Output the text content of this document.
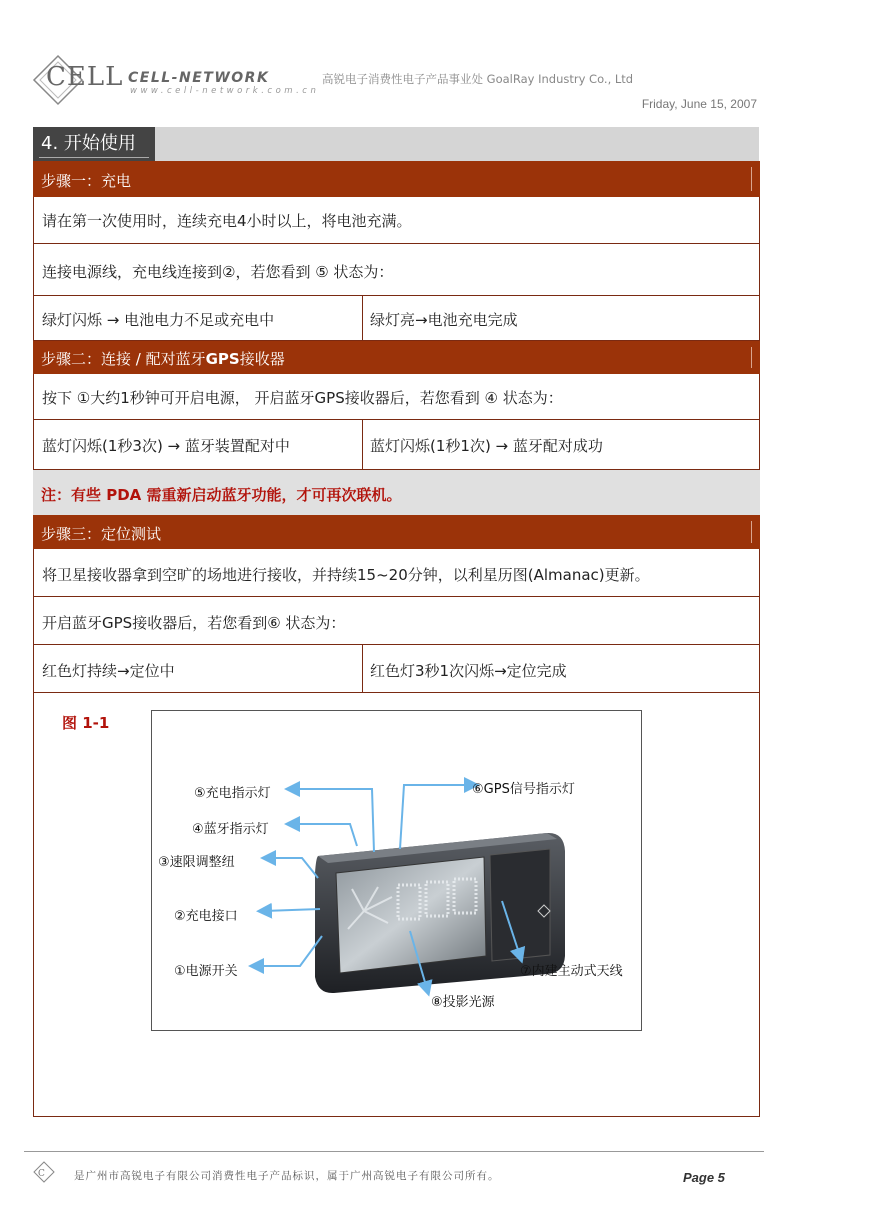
CELL CELL-NETWORK
www.cell-network.com.cn
高锐电子消费性电子产品事业处 GoalRay Industry Co., Ltd
Friday, June 15, 2007
4. 开始使用
步骤一：充电
请在第一次使用时，连续充电4小时以上，将电池充满。
连接电源线，充电线连接到②，若您看到 ⑤ 状态为：
绿灯闪烁 → 电池电力不足或充电中	绿灯亮→电池充电完成
步骤二：连接 / 配对蓝牙GPS接收器
按下 ①大约1秒钟可开启电源， 开启蓝牙GPS接收器后，若您看到 ④ 状态为：
蓝灯闪烁(1秒3次) → 蓝牙装置配对中	蓝灯闪烁(1秒1次) → 蓝牙配对成功
注：有些 PDA 需重新启动蓝牙功能，才可再次联机。
步骤三：定位测试
将卫星接收器拿到空旷的场地进行接收，并持续15~20分钟，以利星历图(Almanac)更新。
开启蓝牙GPS接收器后，若您看到⑥ 状态为：
红色灯持续→定位中	红色灯3秒1次闪烁→定位完成
图 1-1
⑤充电指示灯	⑥GPS信号指示灯
④蓝牙指示灯
③速限调整纽
②充电接口
①电源开关	⑦内建主动式天线
⑧投影光源
C	是广州市高锐电子有限公司消费性电子产品标识，属于广州高锐电子有限公司所有。	Page 5
